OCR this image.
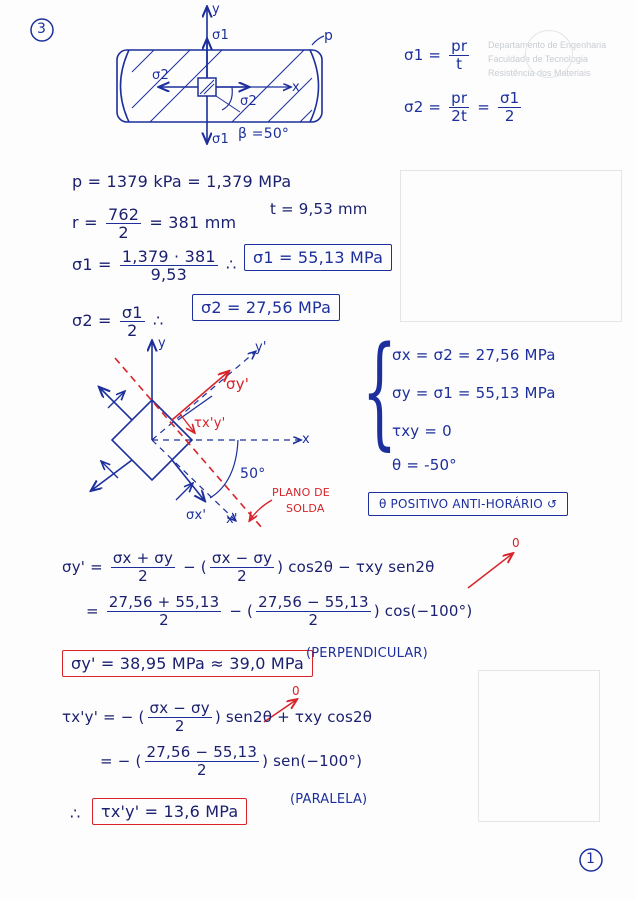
Departamento de Engenharia
Faculdade de Tecnologia
Resistência dos Materiais
3
1
y
x
σ1
σ1
σ2
σ2
p
β =50°
$\sigma 1 = \frac{pr}{t}$
$\sigma 2 = \frac{pr}{2t} = \frac{\sigma 1}{2}$
p = 1379 kPa = 1,379 MPa
$r = \frac{762}{2} = 381$ mm
t = 9,53 mm
$\sigma 1 = \frac{1,379 \cdot 381}{9,53}$ ∴	σ1 = 55,13 MPa
$\sigma 2 = \frac{\sigma 1}{2}$ ∴
σ2 = 27,56 MPa
y	y'
x
x'
σy'
τx'y'
50°
σx'
PLANO DE
SOLDA
{
σx = σ2 = 27,56 MPa
σy = σ1 = 55,13 MPa
τxy = 0
θ = -50°
θ POSITIVO ANTI-HORÁRIO ↺
$\sigma y' = \frac{\sigma x + \sigma y}{2}$ − ( $\frac{\sigma x - \sigma y}{2}$ ) cos2θ − τxy sen2θ
0
= $\frac{27,56 + 55,13}{2}$ − ( $\frac{27,56 - 55,13}{2}$ ) cos(−100°)
σy' = 38,95 MPa ≈ 39,0 MPa
(PERPENDICULAR)
τx'y' = − ( $\frac{\sigma x - \sigma y}{2}$ ) sen2θ + τxy cos2θ
0
= − ( $\frac{27,56 - 55,13}{2}$ ) sen(−100°)
∴	τx'y' = 13,6 MPa
(PARALELA)
